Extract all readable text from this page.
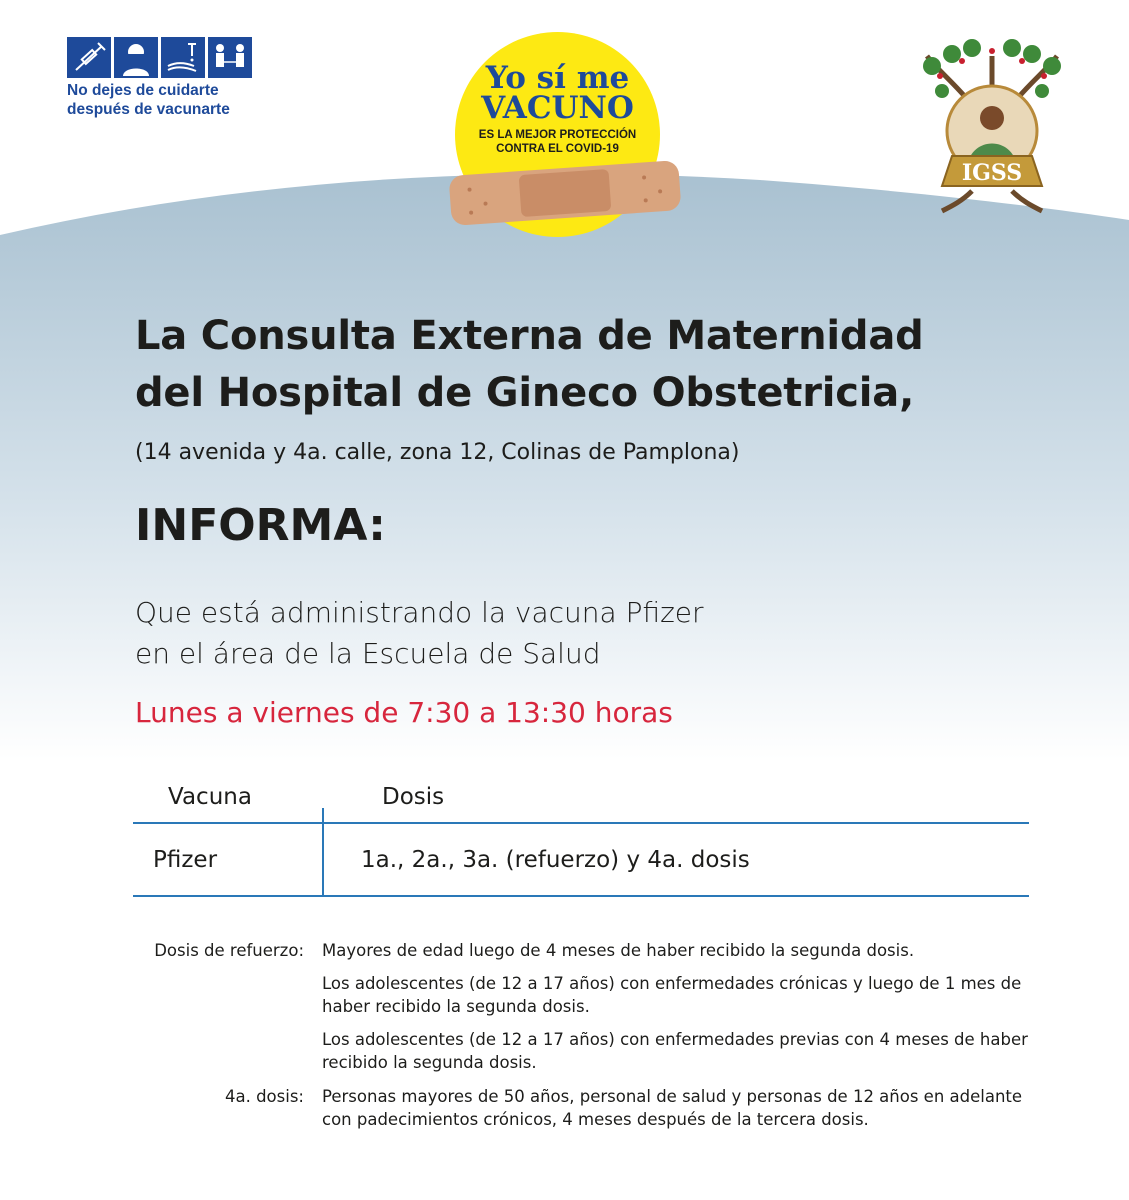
No dejes de cuidarte
después de vacunarte
Yo sí me
VACUNO
ES LA MEJOR PROTECCIÓN
CONTRA EL COVID-19
IGSS
La Consulta Externa de Maternidad
del Hospital de Gineco Obstetricia,
(14 avenida y 4a. calle, zona 12, Colinas de Pamplona)
INFORMA:
Que está administrando la vacuna Pfizer
en el área de la Escuela de Salud
Lunes a viernes de 7:30 a 13:30 horas
Vacuna	Dosis
Pfizer	1a., 2a., 3a. (refuerzo) y 4a. dosis
Dosis de refuerzo: Mayores de edad luego de 4 meses de haber recibido la segunda dosis.
Los adolescentes (de 12 a 17 años) con enfermedades crónicas y luego de 1 mes de haber recibido la segunda dosis.
Los adolescentes (de 12 a 17 años) con enfermedades previas con 4 meses de haber recibido la segunda dosis.
4a. dosis: Personas mayores de 50 años, personal de salud y personas de 12 años en adelante con padecimientos crónicos, 4 meses después de la tercera dosis.
